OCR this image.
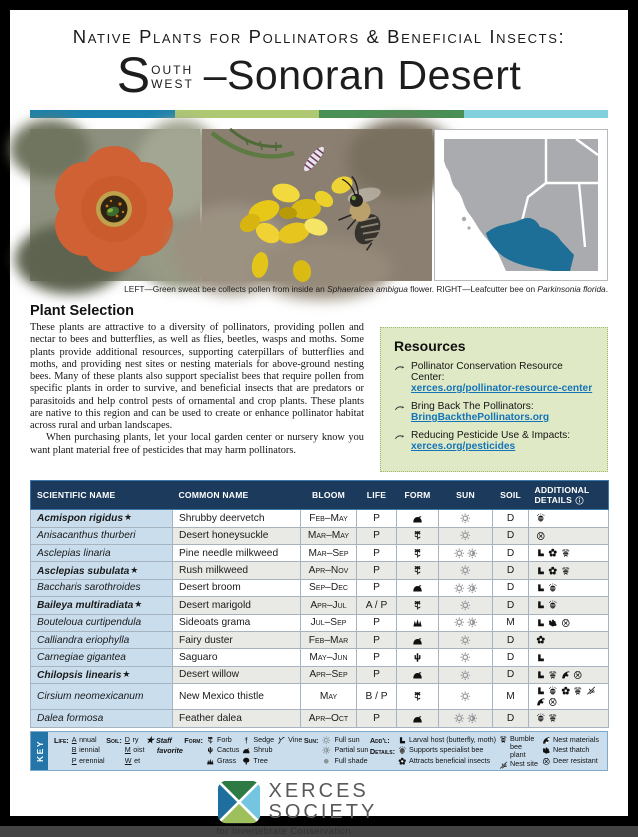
Native Plants for Pollinators & Beneficial Insects:
S OUTH
WEST –Sonoran Desert
LEFT—Green sweat bee collects pollen from inside an Sphaeralcea ambigua flower. RIGHT—Leafcutter bee on Parkinsonia florida.
Plant Selection

These plants are attractive to a diversity of pollinators, providing pollen and nectar to bees and butterflies, as well as flies, beetles, wasps and moths. Some plants provide additional resources, supporting caterpillars of butterflies and moths, and providing nest sites or nesting materials for above-ground nesting bees. Many of these plants also support specialist bees that require pollen from specific plants in order to survive, and beneficial insects that are predators or parasitoids and help control pests of ornamental and crop plants. These plants are native to this region and can be used to create or enhance pollinator habitat across rural and urban landscapes.

When purchasing plants, let your local garden center or nursery know you want plant material free of pesticides that may harm pollinators.

Resources
Pollinator Conservation Resource Center:
xerces.org/pollinator-resource-center
Bring Back The Pollinators:
BringBackthePollinators.org
Reducing Pesticide Use & Impacts:
xerces.org/pesticides
SCIENTIFIC NAME	COMMON NAME	BLOOM	LIFE	FORM	SUN	SOIL	ADDITIONAL DETAILS

Acmispon rigidus★	Shrubby deervetch	Feb–May	P			D	

Anisacanthus thurberi	Desert honeysuckle	Mar–May	P			D	

Asclepias linaria	Pine needle milkweed	Mar–Sep	P			D	

Asclepias subulata★	Rush milkweed	Apr–Nov	P			D	

Baccharis sarothroides	Desert broom	Sep–Dec	P			D	

Baileya multiradiata★	Desert marigold	Apr–Jul	A / P			D	

Bouteloua curtipendula	Sideoats grama	Jul–Sep	P			M	

Calliandra eriophylla	Fairy duster	Feb–Mar	P			D	

Carnegiae gigantea	Saguaro	May–Jun	P			D	

Chilopsis linearis★	Desert willow	Apr–Sep	P			D	

Cirsium neomexicanum	New Mexico thistle	May	B / P			M	

Dalea formosa	Feather dalea	Apr–Oct	P			D	
KEY Life: A nnual
B iennial
P erennial
Soil: D ry
M oist
W et
★ Staff
favorite
Form: Forb
Cactus
Grass
Sedge
Shrub
Tree
Vine Sun: Full sun
Partial sun
Full shade
Add'l:
Details:
Larval host (butterfly, moth)
Supports specialist bee
Attracts beneficial insects
Bumble bee plant
Nest site
Nest materials
Nest thatch
Deer resistant
XERCES
SOCIETY
for Invertebrate Conservation
